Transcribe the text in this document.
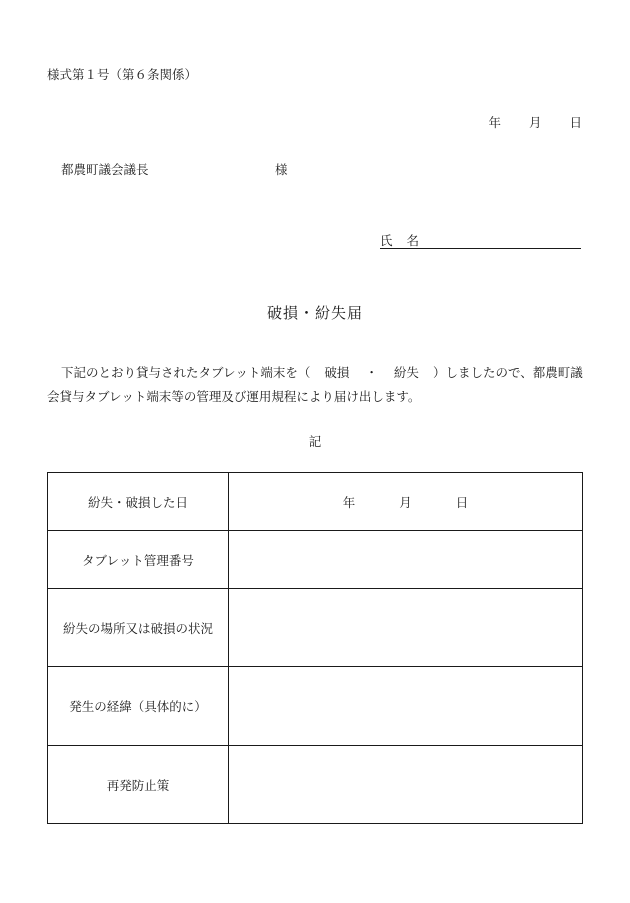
様式第１号（第６条関係）
年 月 日
都農町議会議長	様
氏 名
破損・紛失届
下記のとおり貸与されたタブレット端末を（ 破損 ・ 紛失 ）しましたので、都農町議会貸与タブレット端末等の管理及び運用規程により届け出します。
記
紛失・破損した日	年 月 日
タブレット管理番号	
紛失の場所又は破損の状況	
発生の経緯（具体的に）	
再発防止策	
